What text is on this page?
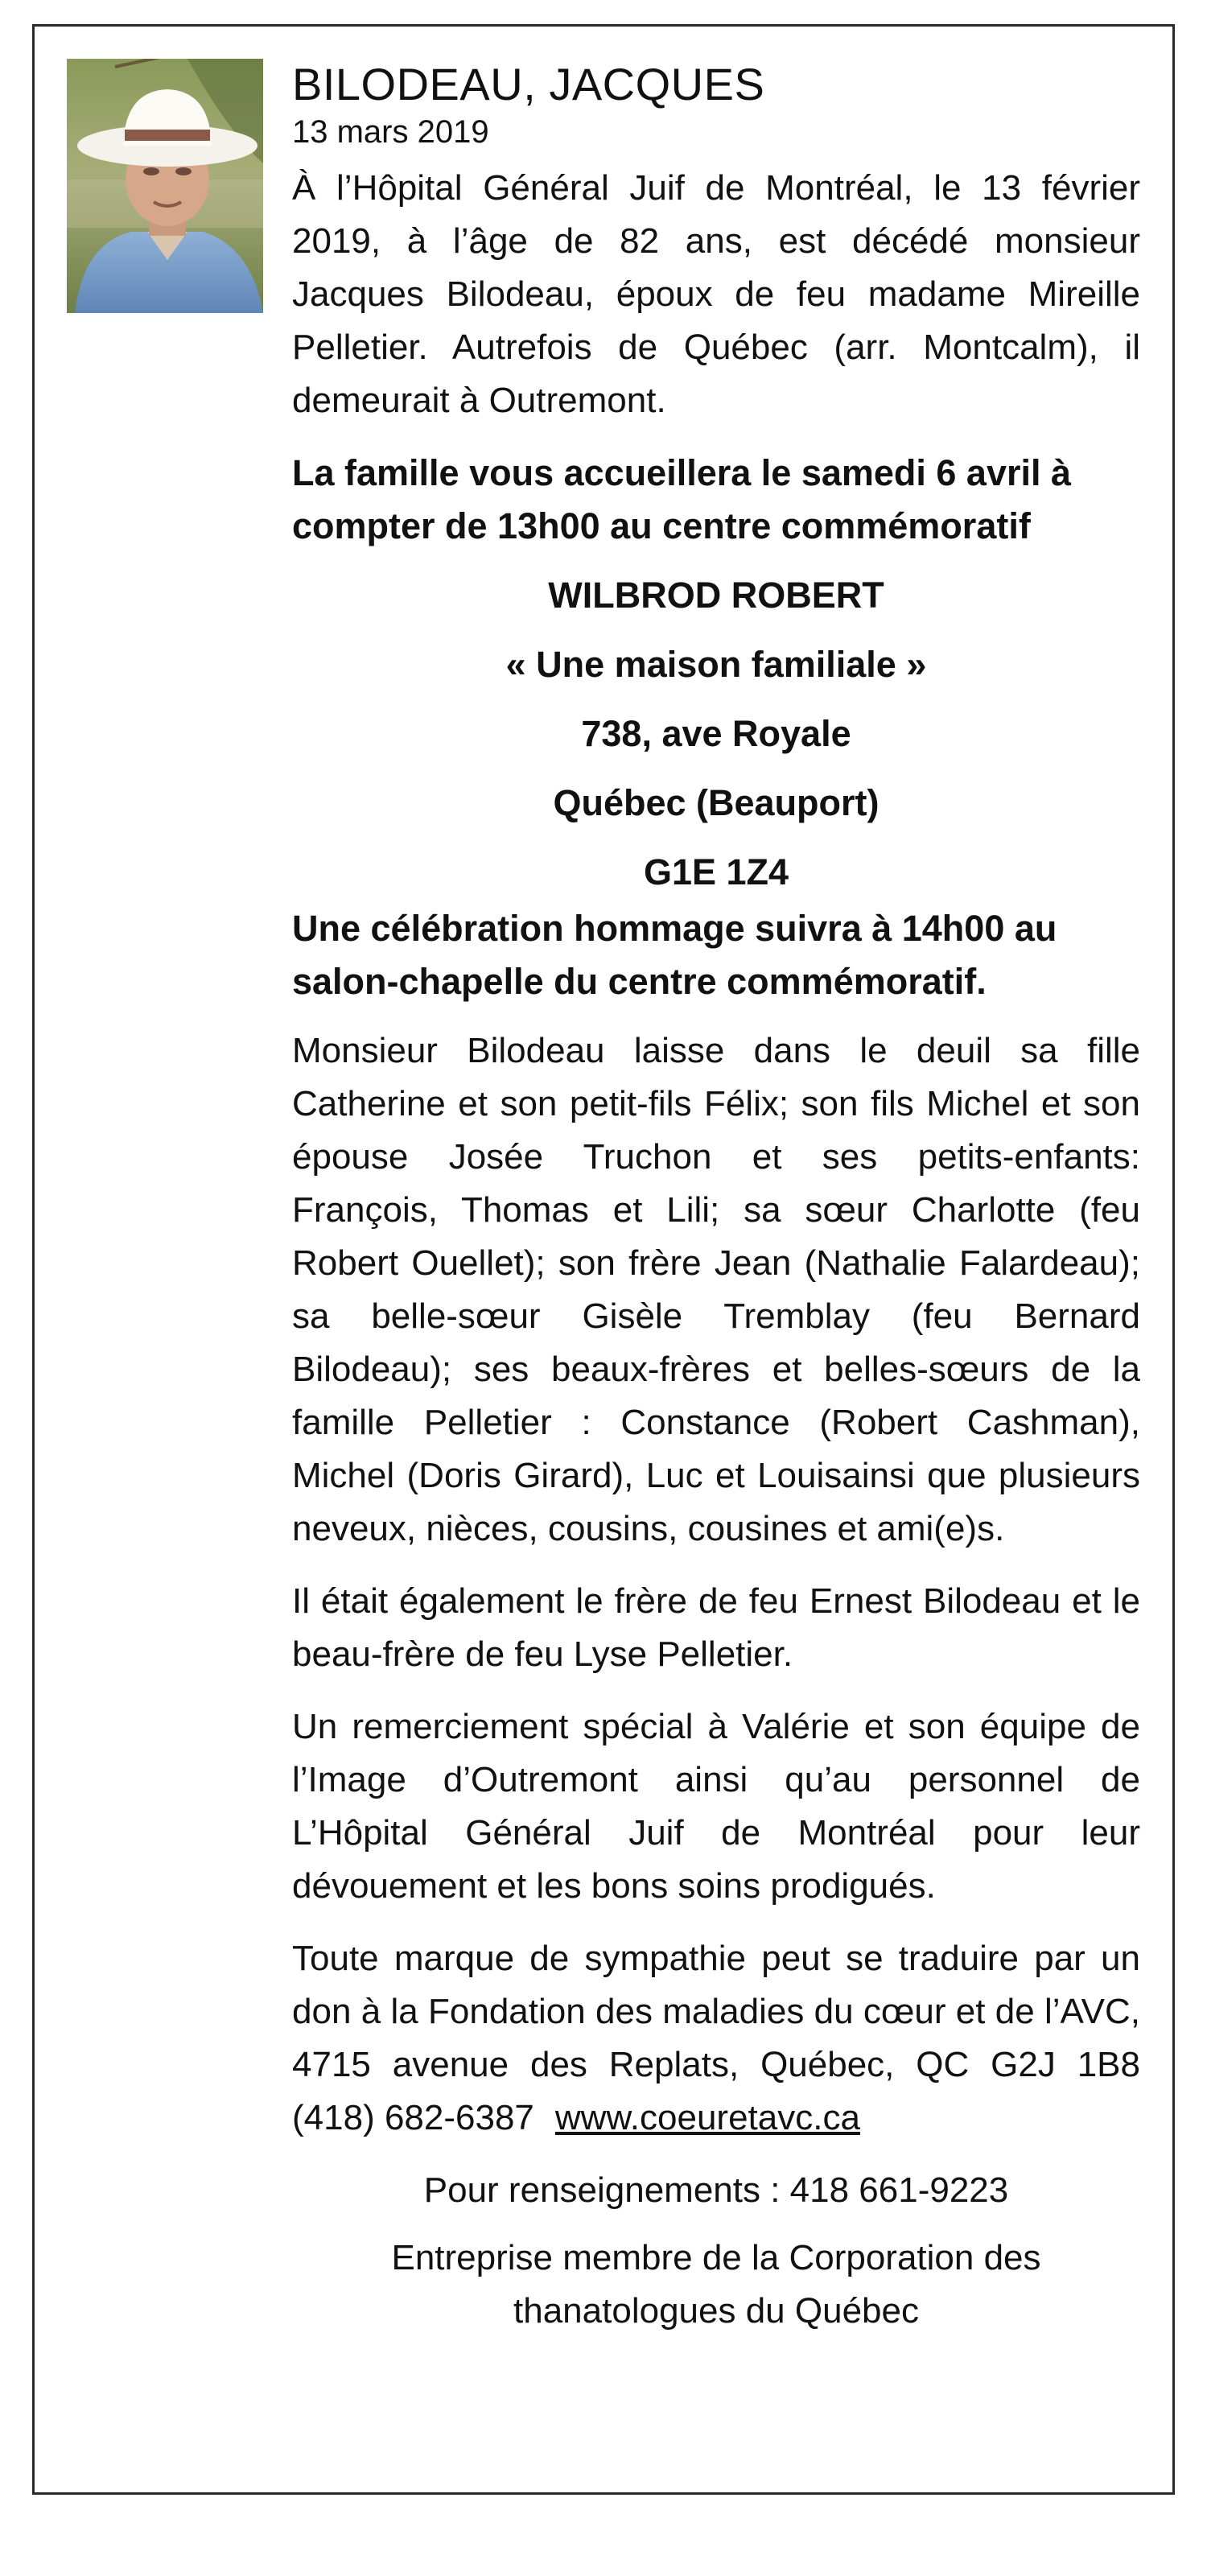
BILODEAU, JACQUES
13 mars 2019

À l’Hôpital Général Juif de Montréal, le 13 février 2019, à l’âge de 82 ans, est décédé monsieur Jacques Bilodeau, époux de feu madame Mireille Pelletier. Autrefois de Québec (arr. Montcalm), il demeurait à Outremont.

La famille vous accueillera le samedi 6 avril à compter de 13h00 au centre commémoratif

WILBROD ROBERT

« Une maison familiale »

738, ave Royale

Québec (Beauport)

G1E 1Z4

Une célébration hommage suivra à 14h00 au salon-chapelle du centre commémoratif.

Monsieur Bilodeau laisse dans le deuil sa fille Catherine et son petit-fils Félix; son fils Michel et son épouse Josée Truchon et ses petits-enfants: François, Thomas et Lili; sa sœur Charlotte (feu Robert Ouellet); son frère Jean (Nathalie Falardeau); sa belle-sœur Gisèle Tremblay (feu Bernard Bilodeau); ses beaux-frères et belles-sœurs de la famille Pelletier : Constance (Robert Cashman), Michel (Doris Girard), Luc et Louisainsi que plusieurs neveux, nièces, cousins, cousines et ami(e)s.

Il était également le frère de feu Ernest Bilodeau et le beau-frère de feu Lyse Pelletier.

Un remerciement spécial à Valérie et son équipe de l’Image d’Outremont ainsi qu’au personnel de L’Hôpital Général Juif de Montréal pour leur dévouement et les bons soins prodigués.

Toute marque de sympathie peut se traduire par un don à la Fondation des maladies du cœur et de l’AVC, 4715 avenue des Replats, Québec, QC G2J 1B8 (418) 682-6387 www.coeuretavc.ca

Pour renseignements : 418 661-9223

Entreprise membre de la Corporation des

thanatologues du Québec
